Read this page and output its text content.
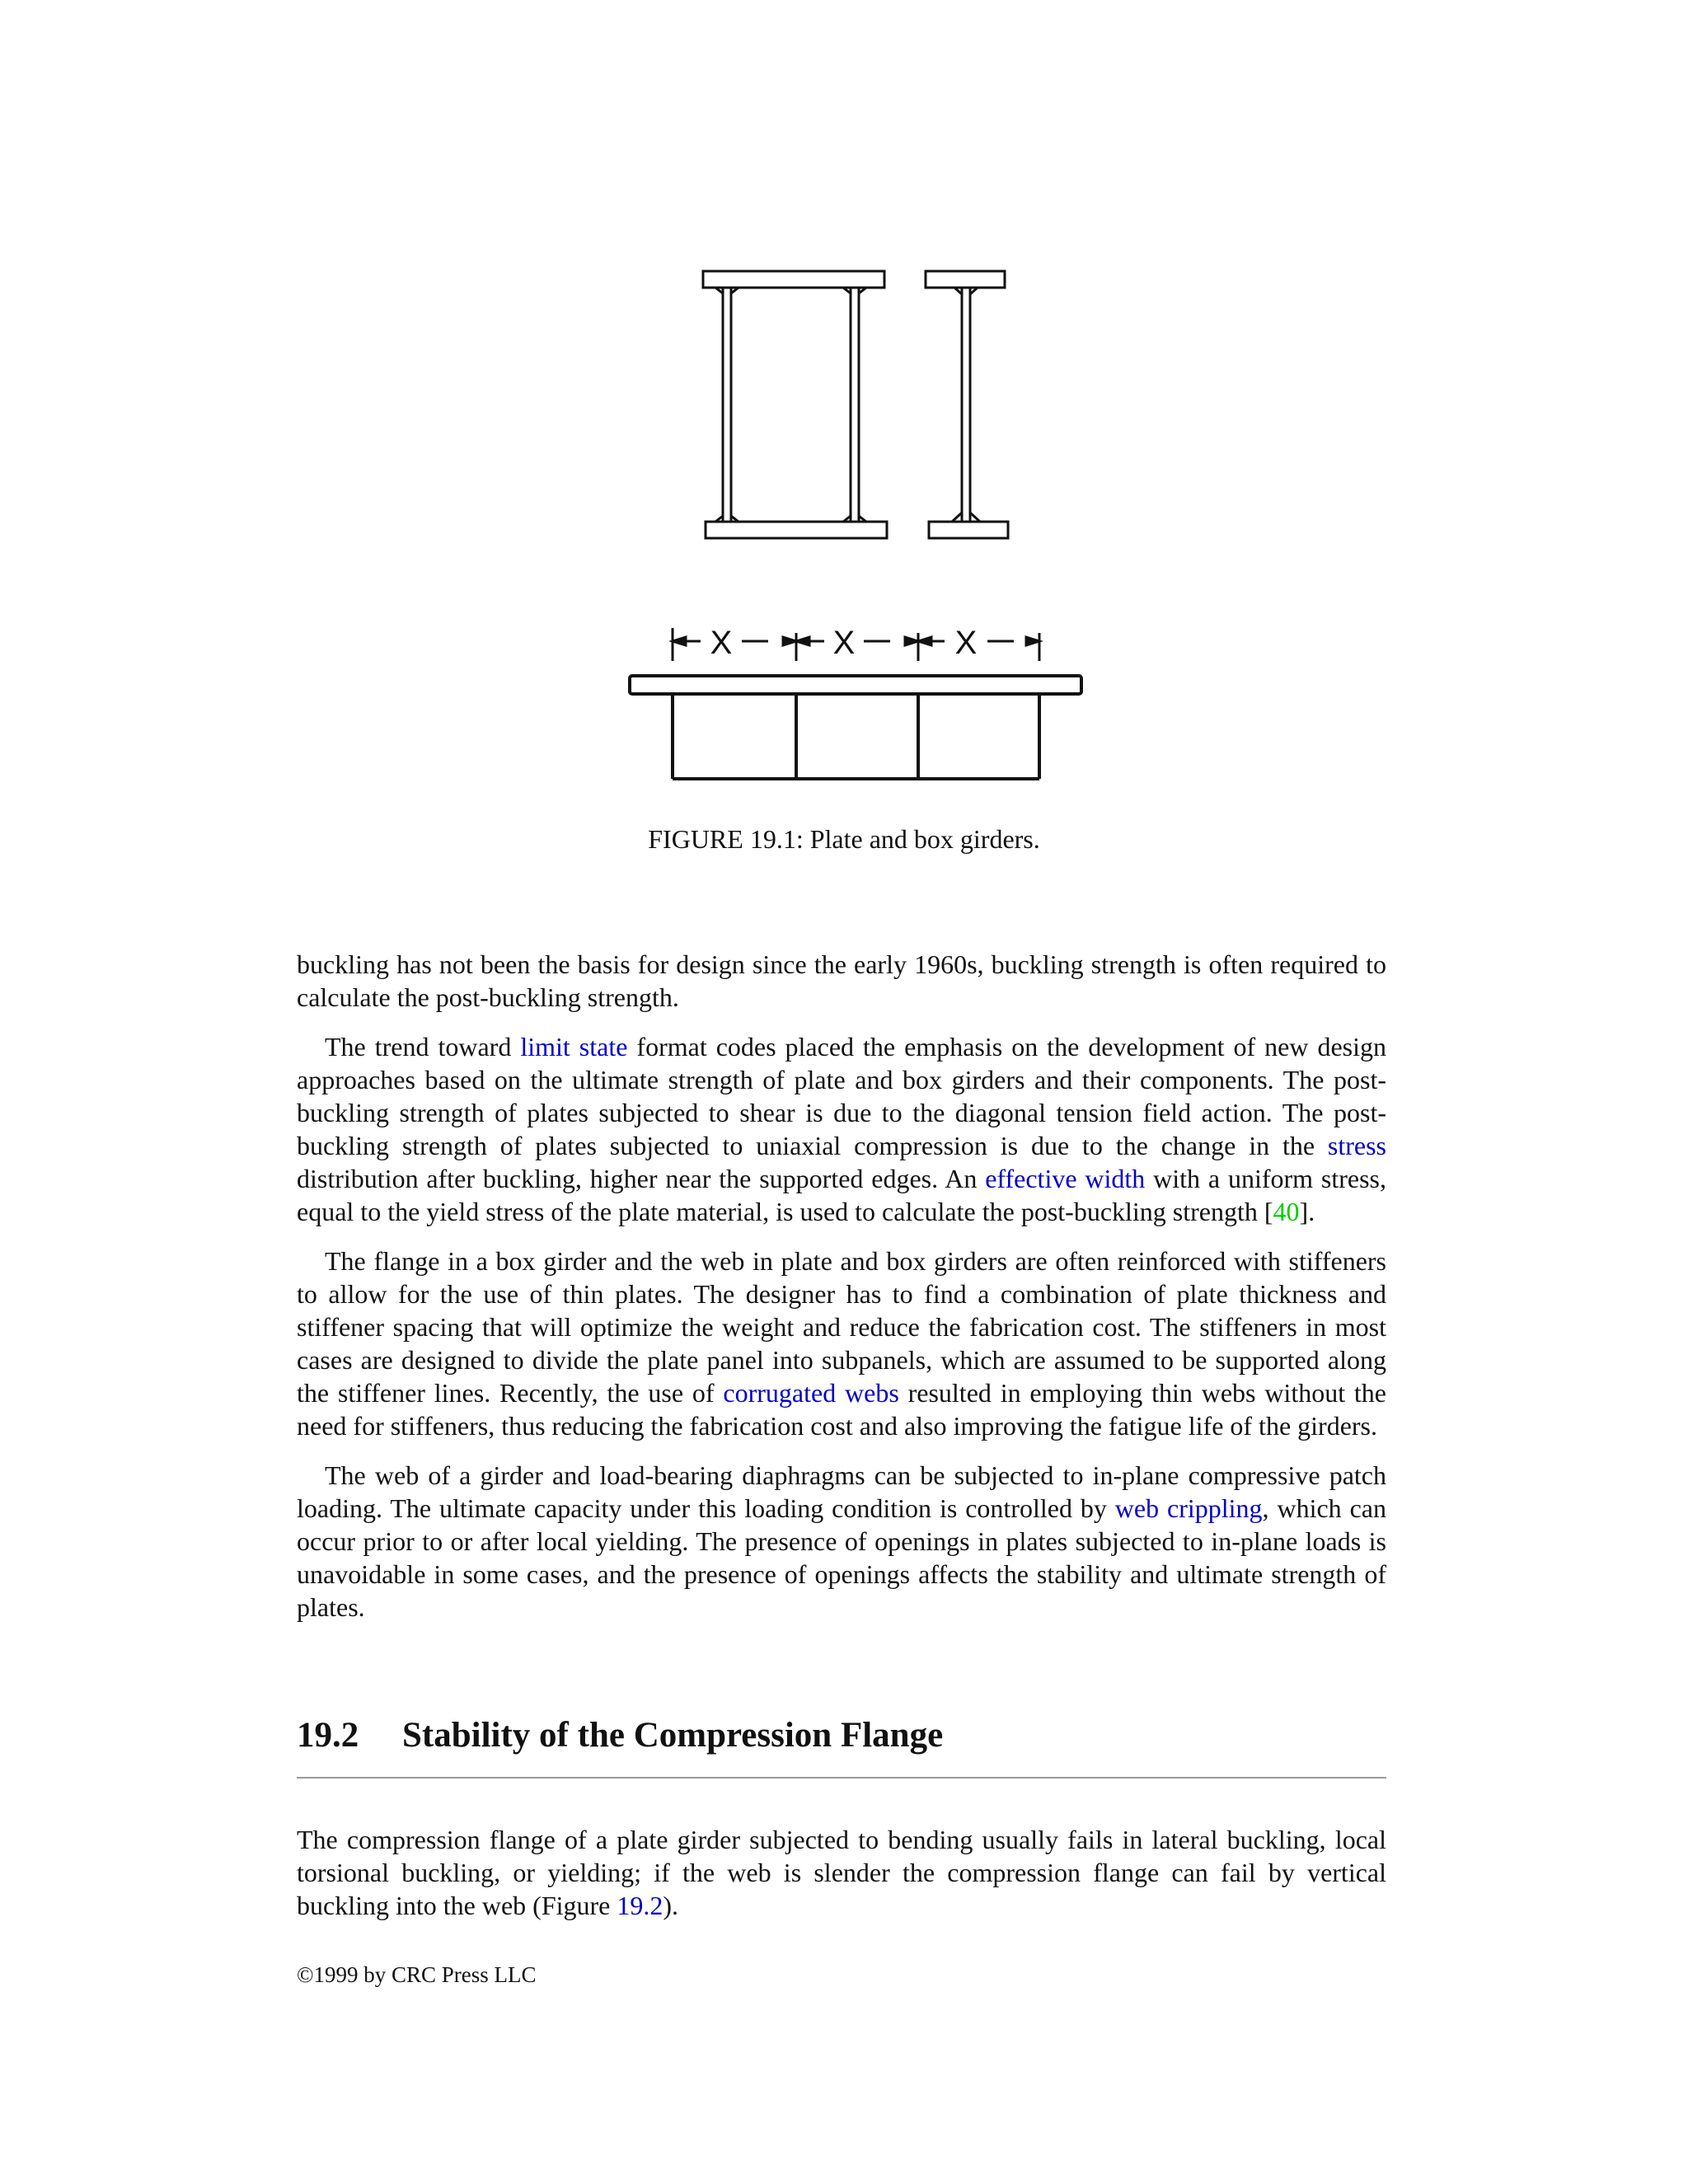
X	X	X
FIGURE 19.1: Plate and box girders.

buckling has not been the basis for design since the early 1960s, buckling strength is often required to calculate the post-buckling strength.

The trend toward limit state format codes placed the emphasis on the development of new design approaches based on the ultimate strength of plate and box girders and their components. The post-buckling strength of plates subjected to shear is due to the diagonal tension field action. The post-buckling strength of plates subjected to uniaxial compression is due to the change in the stress distribution after buckling, higher near the supported edges. An effective width with a uniform stress, equal to the yield stress of the plate material, is used to calculate the post-buckling strength [40].

The flange in a box girder and the web in plate and box girders are often reinforced with stiffeners to allow for the use of thin plates. The designer has to find a combination of plate thickness and stiffener spacing that will optimize the weight and reduce the fabrication cost. The stiffeners in most cases are designed to divide the plate panel into subpanels, which are assumed to be supported along the stiffener lines. Recently, the use of corrugated webs resulted in employing thin webs without the need for stiffeners, thus reducing the fabrication cost and also improving the fatigue life of the girders.

The web of a girder and load-bearing diaphragms can be subjected to in-plane compressive patch loading. The ultimate capacity under this loading condition is controlled by web crippling, which can occur prior to or after local yielding. The presence of openings in plates subjected to in-plane loads is unavoidable in some cases, and the presence of openings affects the stability and ultimate strength of plates.

19.2 Stability of the Compression Flange

The compression flange of a plate girder subjected to bending usually fails in lateral buckling, local torsional buckling, or yielding; if the web is slender the compression flange can fail by vertical buckling into the web (Figure 19.2).

©1999 by CRC Press LLC
